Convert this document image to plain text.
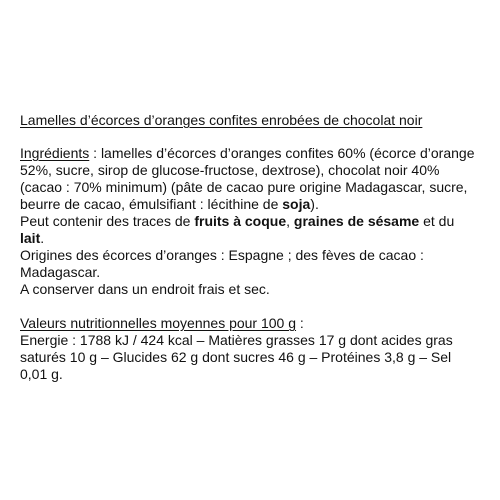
Lamelles d’écorces d’oranges confites enrobées de chocolat noir
Ingrédients : lamelles d’écorces d’oranges confites 60% (écorce d’orange 52%, sucre, sirop de glucose-fructose, dextrose), chocolat noir 40% (cacao : 70% minimum) (pâte de cacao pure origine Madagascar, sucre, beurre de cacao, émulsifiant : lécithine de soja).
Peut contenir des traces de fruits à coque, graines de sésame et du lait.
Origines des écorces d’oranges : Espagne ; des fèves de cacao : Madagascar.
A conserver dans un endroit frais et sec.
Valeurs nutritionnelles moyennes pour 100 g :
Energie : 1788 kJ / 424 kcal – Matières grasses 17 g dont acides gras saturés 10 g – Glucides 62 g dont sucres 46 g – Protéines 3,8 g – Sel 0,01 g.
